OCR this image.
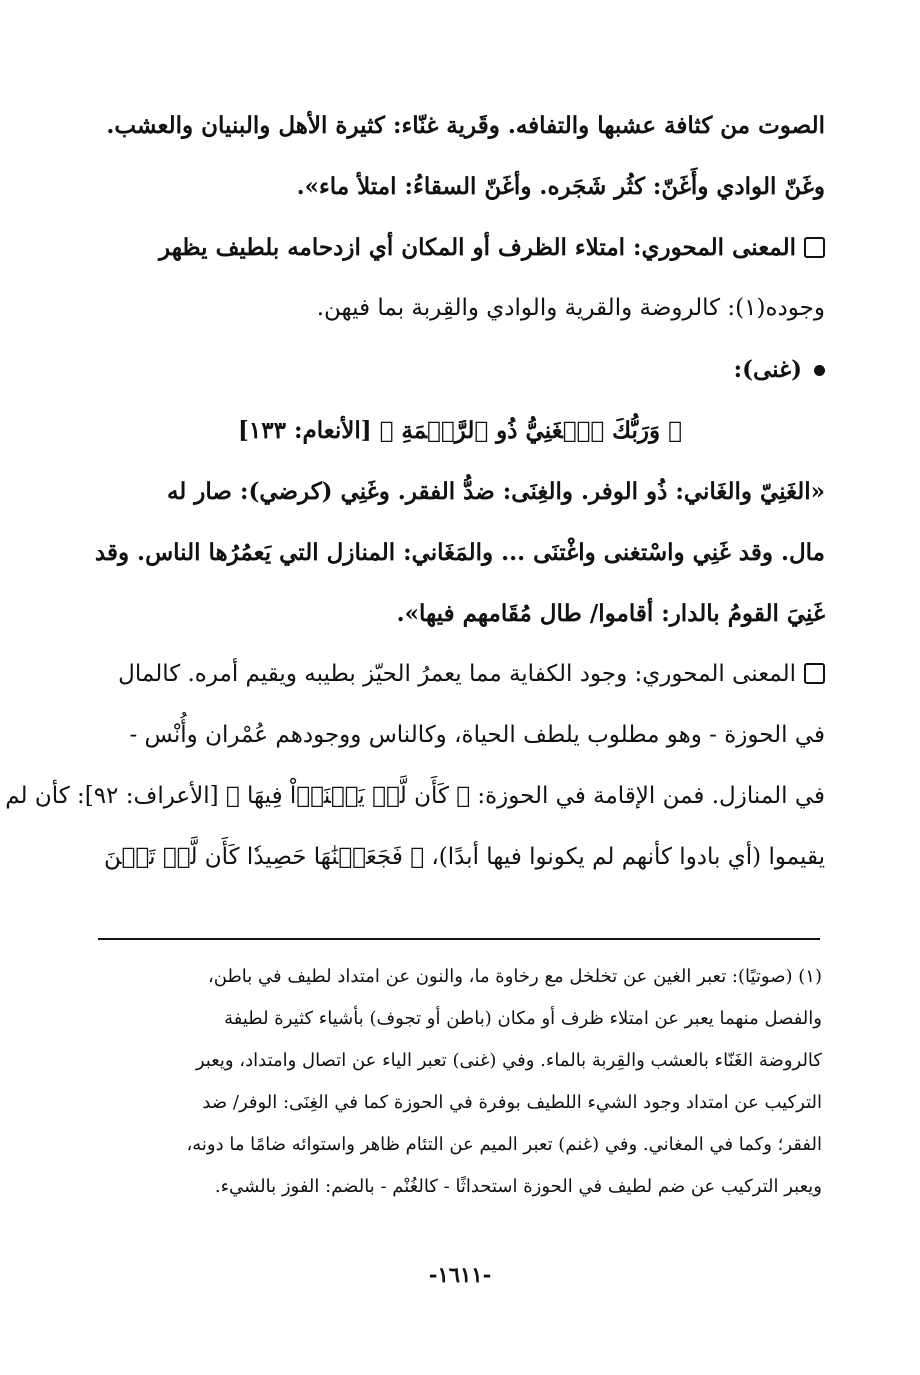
الصوت من كثافة عشبها والتفافه. وقَرية غنّاء: كثيرة الأهل والبنيان والعشب.
وغَنّ الوادي وأَغَنّ: كثُر شَجَره. وأغَنّ السقاءُ: امتلأ ماء».
المعنى المحوري: امتلاء الظرف أو المكان أي ازدحامه بلطيف يظهر
وجوده(١): كالروضة والقرية والوادي والقِربة بما فيهن.
(غنى):
﴿ وَرَبُّكَ ٱلۡغَنِيُّ ذُو ٱلرَّحۡمَةِ ﴾ [الأنعام: ١٣٣]
«الغَنِيّ والغَاني: ذُو الوفر. والغِنَى: ضدُّ الفقر. وغَنِي (كرضي): صار له
مال. وقد غَنِي واسْتغنى واغْتنَى ... والمَغَاني: المنازل التي يَعمُرُها الناس. وقد
غَنِيَ القومُ بالدار: أقاموا/ طال مُقَامهم فيها».
المعنى المحوري: وجود الكفاية مما يعمرُ الحيّز بطيبه ويقيم أمره. كالمال
في الحوزة - وهو مطلوب يلطف الحياة، وكالناس ووجودهم عُمْران وأُنْس -
في المنازل. فمن الإقامة في الحوزة: ﴿ كَأَن لَّمۡ يَغۡنَوۡاْ فِيهَا ﴾ [الأعراف: ٩٢]: كأن لم
يقيموا (أي بادوا كأنهم لم يكونوا فيها أبدًا)، ﴿ فَجَعَلۡنَٰهَا حَصِيدٗا كَأَن لَّمۡ تَغۡنَ
(١) (صوتيًا): تعبر الغين عن تخلخل مع رخاوة ما، والنون عن امتداد لطيف في باطن،
والفصل منهما يعبر عن امتلاء ظرف أو مكان (باطن أو تجوف) بأشياء كثيرة لطيفة
كالروضة الغَنّاء بالعشب والقِربة بالماء. وفي (غنى) تعبر الياء عن اتصال وامتداد، ويعبر
التركيب عن امتداد وجود الشيء اللطيف بوفرة في الحوزة كما في الغِنَى: الوفر/ ضد
الفقر؛ وكما في المغاني. وفي (غنم) تعبر الميم عن التئام ظاهر واستوائه ضامًا ما دونه،
ويعبر التركيب عن ضم لطيف في الحوزة استحداثًا - كالغُنْم - بالضم: الفوز بالشيء.
-١٦١١-
